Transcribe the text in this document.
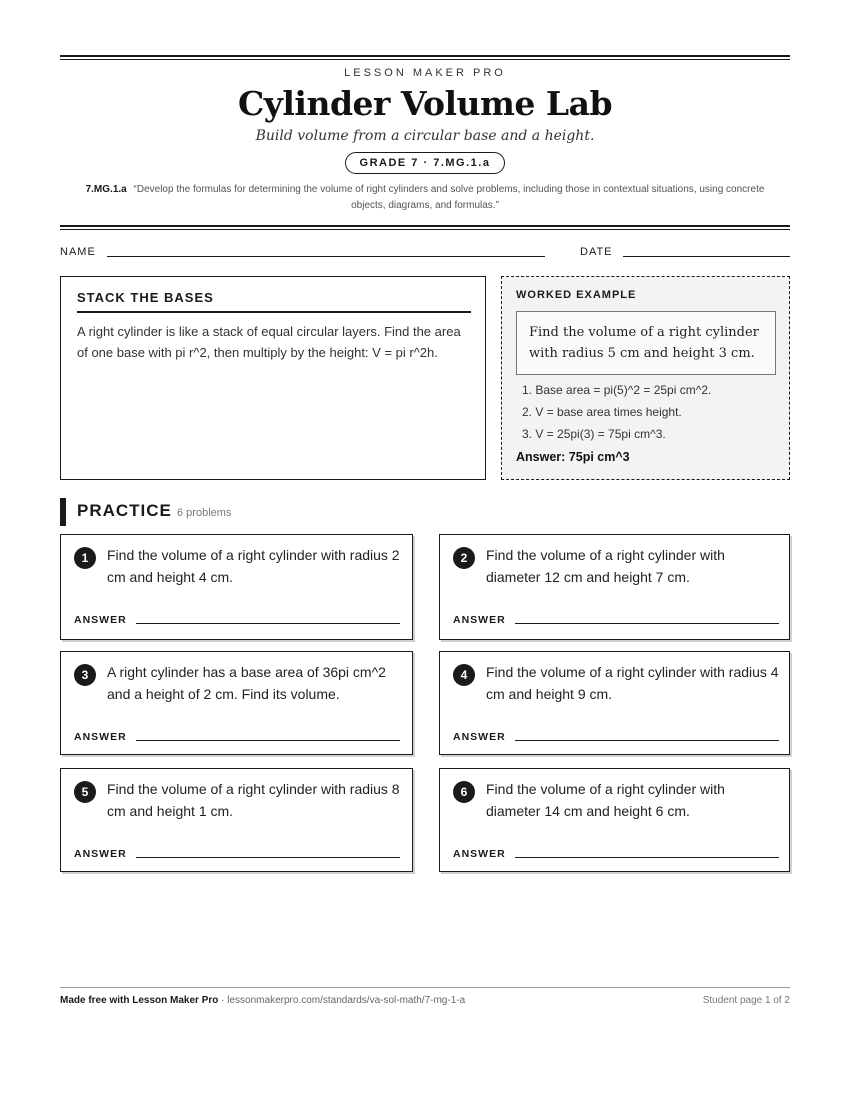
LESSON MAKER PRO
Cylinder Volume Lab
Build volume from a circular base and a height.
GRADE 7 · 7.MG.1.a
7.MG.1.a “Develop the formulas for determining the volume of right cylinders and solve problems, including those in contextual situations, using concrete objects, diagrams, and formulas.”
NAME	DATE
STACK THE BASES
A right cylinder is like a stack of equal circular layers. Find the area of one base with pi r^2, then multiply by the height: V = pi r^2h.
WORKED EXAMPLE
Find the volume of a right cylinder with radius 5 cm and height 3 cm.
1. Base area = pi(5)^2 = 25pi cm^2.
2. V = base area times height.
3. V = 25pi(3) = 75pi cm^3.
Answer: 75pi cm^3
PRACTICE 6 problems
1	Find the volume of a right cylinder with radius 2 cm and height 4 cm.
ANSWER
2	Find the volume of a right cylinder with diameter 12 cm and height 7 cm.
ANSWER
3	A right cylinder has a base area of 36pi cm^2 and a height of 2 cm. Find its volume.
ANSWER
4	Find the volume of a right cylinder with radius 4 cm and height 9 cm.
ANSWER
5	Find the volume of a right cylinder with radius 8 cm and height 1 cm.
ANSWER
6	Find the volume of a right cylinder with diameter 14 cm and height 6 cm.
ANSWER
Made free with Lesson Maker Pro · lessonmakerpro.com/standards/va-sol-math/7-mg-1-a	Student page 1 of 2
